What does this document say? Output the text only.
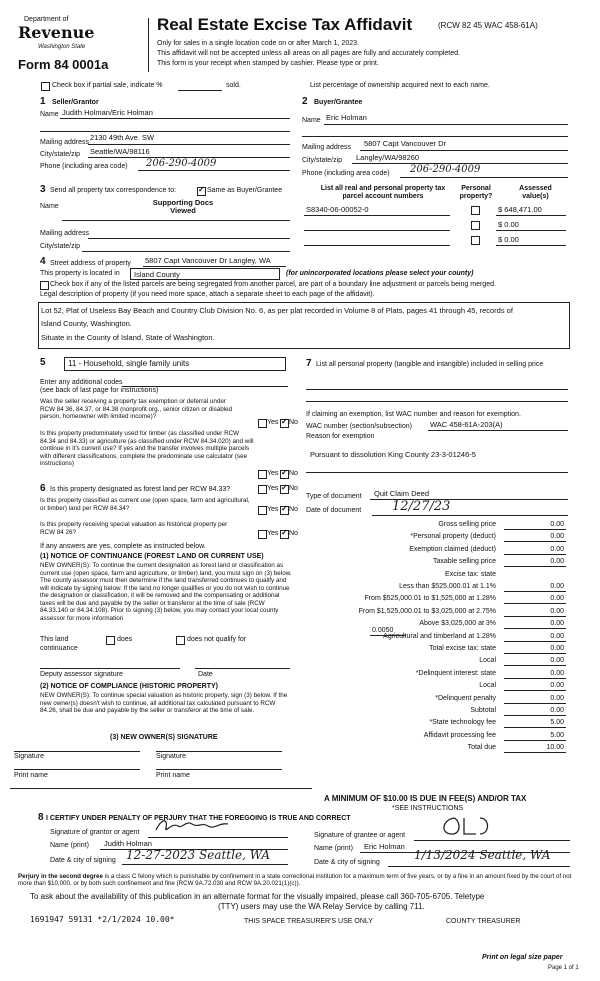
Department of
Revenue
Washington State
Form 84 0001a
Real Estate Excise Tax Affidavit	(RCW 82 45 WAC 458-61A)
Only for sales in a single location code on or after March 1, 2023.
This affidavit will not be accepted unless all areas on all pages are fully and accurately completed.
This form is your receipt when stamped by cashier. Please type or print.
Check box if partial sale, indicate %	sold.	List percentage of ownership acquired next to each name.
1 Seller/Grantor
Name Judith Holman/Eric Holman
Mailing address
2130 49th Ave. SW
City/state/zip Seattle/WA/98116
Phone (including area code) 206-290-4009
2 Buyer/Grantee
Name Eric Holman
Mailing address 5807 Capt Vancouver Dr
City/state/zip Langley/WA/98260
Phone (including area code) 206-290-4009
3 Send all property tax correspondence to: ✓	Same as Buyer/Grantee
Name	Supporting Docs Viewed
Mailing address
City/state/zip
List all real and personal property tax parcel account numbers
Personal property?
Assessed value(s)
S8340-06-00052-0	$ 648,471.00
$ 0.00
$ 0.00
4 Street address of property 5807 Capt Vancouver Dr Langley, WA
This property is located in Island County	(for unincorporated locations please select your county)
Check box if any of the listed parcels are being segregated from another parcel, are part of a boundary line adjustment or parcels being merged.
Legal description of property (if you need more space, attach a separate sheet to each page of the affidavit).
Lot 52, Plat of Useless Bay Beach and Country Club Division No. 6, as per plat recorded in Volume 8 of Plats, pages 41 through 45, records of
Island County, Washington.
Situate in the County of Island, State of Washington.
5	11 - Household, single family units
Enter any additional codes
(see back of last page for instructions)
Was the seller receiving a property tax exemption or deferral under RCW 84 36, 84.37, or 84.38 (nonprofit org., senior citizen or disabled person, homeowner with limited income)?
Yes ✓ No
Is this property predominately used for timber (as classified under RCW 84.34 and 84.33) or agriculture (as classified under RCW 84.34.020) and will continue in it's current use? If yes and the transfer involves multiple parcels with different classifications, complete the predominate use calculator (see instructions)
Yes ✓ No
6 Is this property designated as forest land per RCW 84.33?	Yes ✓ No
Is this property classified as current use (open space, farm and agricultural, or timber) land per RCW 84.34?	Yes ✓ No
Is this property receiving special valuation as historical property per RCW 84 26?	Yes ✓ No
If any answers are yes, complete as instructed below.
(1) NOTICE OF CONTINUANCE (FOREST LAND OR CURRENT USE)
NEW OWNER(S): To continue the current designation as forest land or classification as current use (open space, farm and agriculture, or timber) land, you must sign on (3) below. The county assessor must then determine if the land transferred continues to qualify and will indicate by signing below. If the land no longer qualifies or you do not wish to continue the designation or classification, it will be removed and the compensating or additional taxes will be due and payable by the seller or transferor at the time of sale (RCW 84.33.140 or 84.34.108). Prior to signing (3) below, you may contact your local county assessor for more information
This land
continuance
does	does not qualify for
Deputy assessor signature	Date
(2) NOTICE OF COMPLIANCE (HISTORIC PROPERTY)
NEW OWNER(S): To continue special valuation as historic property, sign (3) below. If the new owner(s) doesn't wish to continue, all additional tax calculated pursuant to RCW 84.26, shall be due and payable by the seller or transferor at the time of sale.
(3) NEW OWNER(S) SIGNATURE
Signature	Signature
Print name	Print name
7 List all personal property (tangible and intangible) included in selling price
If claiming an exemption, list WAC number and reason for exemption.
WAC number (section/subsection) WAC 458-61A-203(A)
Reason for exemption
Pursuant to dissolution King County 23-3-01246-5
Type of document Quit Claim Deed
Date of document 12/27/23
Gross selling price	0.00
*Personal property (deduct)	0.00
Exemption claimed (deduct)	0.00
Taxable selling price	0.00
Excise tax: state
Less than $525,000.01 at 1.1%	0.00
From $525,000.01 to $1,525,000 at 1.28%	0.00
From $1,525,000.01 to $3,025,000 at 2.75%	0.00
Above $3,025,000 at 3%	0.00
Agricultural and timberland at 1.28%	0.00
Total excise tax: state	0.00
Local	0.00
*Delinquent interest: state	0.00
Local	0.00
*Delinquent penalty	0.00
Subtotal	0.00
*State technology fee	5.00
Affidavit processing fee	5.00
Total due	10.00
0.0050
A MINIMUM OF $10.00 IS DUE IN FEE(S) AND/OR TAX
*SEE INSTRUCTIONS
8 I CERTIFY UNDER PENALTY OF PERJURY THAT THE FOREGOING IS TRUE AND CORRECT
Signature of grantor or agent
Name (print) Judith Holman
Date & city of signing 12-27-2023 Seattle, WA
Signature of grantee or agent
Name (print) Eric Holman
Date & city of signing
1/13/2024 Seattle, WA
Perjury in the second degree is a class C felony which is punishable by confinement in a state correctional institution for a maximum term of five years, or by a fine in an amount fixed by the court of not more than $10,000, or by both such confinement and fine (RCW 9A.72.030 and RCW 9A.20.021(1)(c)).
To ask about the availability of this publication in an alternate format for the visually impaired, please call 360-705-6705. Teletype
(TTY) users may use the WA Relay Service by calling 711.
1691947 59131 *2/1/2024 10.00*	THIS SPACE TREASURER'S USE ONLY	COUNTY TREASURER
Print on legal size paper
Page 1 of 1
